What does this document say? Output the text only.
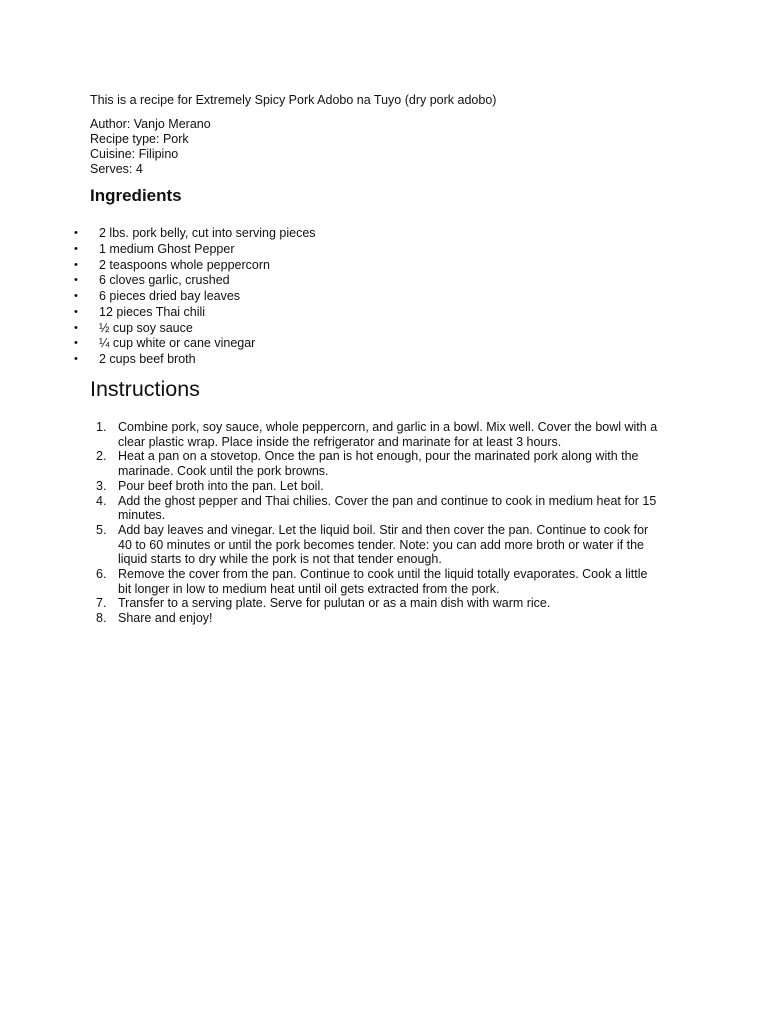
This is a recipe for Extremely Spicy Pork Adobo na Tuyo (dry pork adobo)

Author: Vanjo Merano
Recipe type: Pork
Cuisine: Filipino
Serves: 4
Ingredients
• 2 lbs. pork belly, cut into serving pieces
• 1 medium Ghost Pepper
• 2 teaspoons whole peppercorn
• 6 cloves garlic, crushed
• 6 pieces dried bay leaves
• 12 pieces Thai chili
• ½ cup soy sauce
• ¼ cup white or cane vinegar
• 2 cups beef broth
Instructions
1. Combine pork, soy sauce, whole peppercorn, and garlic in a bowl. Mix well. Cover the bowl with a clear plastic wrap. Place inside the refrigerator and marinate for at least 3 hours.
2. Heat a pan on a stovetop. Once the pan is hot enough, pour the marinated pork along with the marinade. Cook until the pork browns.
3. Pour beef broth into the pan. Let boil.
4. Add the ghost pepper and Thai chilies. Cover the pan and continue to cook in medium heat for 15 minutes.
5. Add bay leaves and vinegar. Let the liquid boil. Stir and then cover the pan. Continue to cook for 40 to 60 minutes or until the pork becomes tender. Note: you can add more broth or water if the liquid starts to dry while the pork is not that tender enough.
6. Remove the cover from the pan. Continue to cook until the liquid totally evaporates. Cook a little bit longer in low to medium heat until oil gets extracted from the pork.
7. Transfer to a serving plate. Serve for pulutan or as a main dish with warm rice.
8. Share and enjoy!
